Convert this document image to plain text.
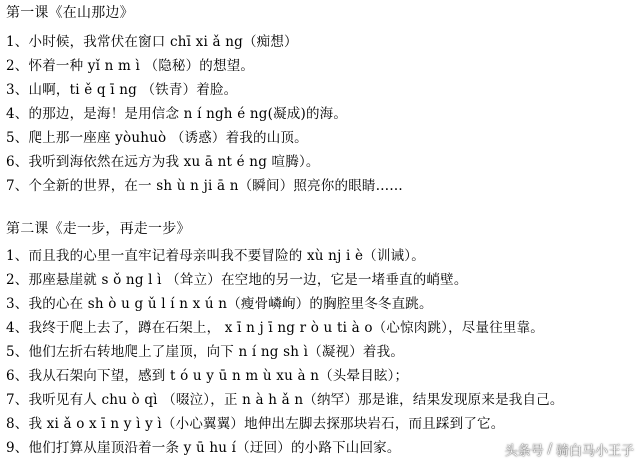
第一课《在山那边》
1、小时候，我常伏在窗口 chī xi ǎ ng（痴想）
2、怀着一种 yǐ n m ì （隐秘）的想望。
3、山啊，ti ě q ī ng （铁青）着脸。
4、的那边，是海！是用信念 n í ngh é ng(凝成)的海。
5、爬上那一座座 yòuhuò （诱惑）着我的山顶。
6、我听到海依然在远方为我 xu ā nt é ng 喧腾）。
7、个全新的世界，在一 sh ù n ji ā n（瞬间）照亮你的眼睛……
第二课《走一步，再走一步》
1、而且我的心里一直牢记着母亲叫我不要冒险的 xù nj i è（训诫）。
2、那座悬崖就 s ǒ ng l ì （耸立）在空地的另一边，它是一堵垂直的峭壁。
3、我的心在 sh ò u g ǔ l í n x ú n（瘦骨嶙峋）的胸腔里冬冬直跳。
4、我终于爬上去了，蹲在石架上， x ī n j ī ng r ò u ti à o（心惊肉跳），尽量往里靠。
5、他们左折右转地爬上了崖顶，向下 n í ng sh ì（凝视）着我。
6、我从石架向下望，感到 t ó u y ū n m ù xu à n（头晕目眩）；
7、我听见有人 chu ò qì （啜泣），正 n à h ǎ n（纳罕）那是谁，结果发现原来是我自己。
8、我 xi ǎ o x ī n y ì y ì（小心翼翼）地伸出左脚去探那块岩石，而且踩到了它。
9、他们打算从崖顶沿着一条 y ū hu í（迂回）的小路下山回家。	头条号 / 骑白马小王子
